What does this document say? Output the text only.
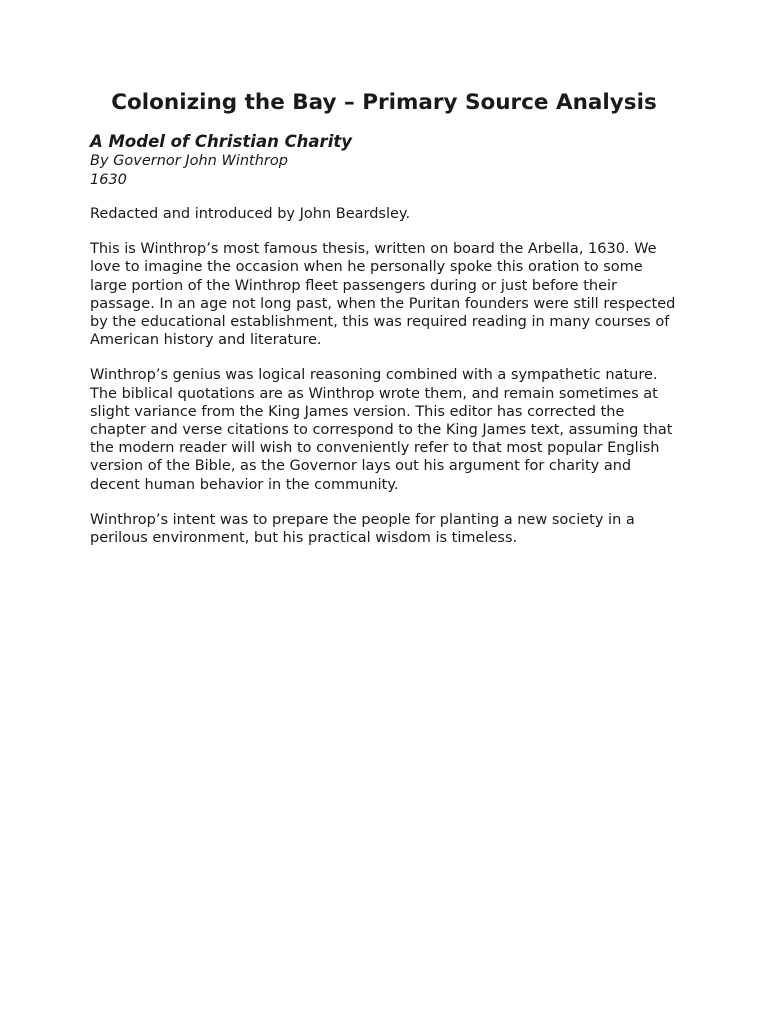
Colonizing the Bay – Primary Source Analysis

A Model of Christian Charity

By Governor John Winthrop

1630

Redacted and introduced by John Beardsley.

This is Winthrop’s most famous thesis, written on board the Arbella, 1630. We love to imagine the occasion when he personally spoke this oration to some large portion of the Winthrop fleet passengers during or just before their passage. In an age not long past, when the Puritan founders were still respected by the educational establishment, this was required reading in many courses of American history and literature.

Winthrop’s genius was logical reasoning combined with a sympathetic nature. The biblical quotations are as Winthrop wrote them, and remain sometimes at slight variance from the King James version. This editor has corrected the chapter and verse citations to correspond to the King James text, assuming that the modern reader will wish to conveniently refer to that most popular English version of the Bible, as the Governor lays out his argument for charity and decent human behavior in the community.

Winthrop’s intent was to prepare the people for planting a new society in a perilous environment, but his practical wisdom is timeless.
